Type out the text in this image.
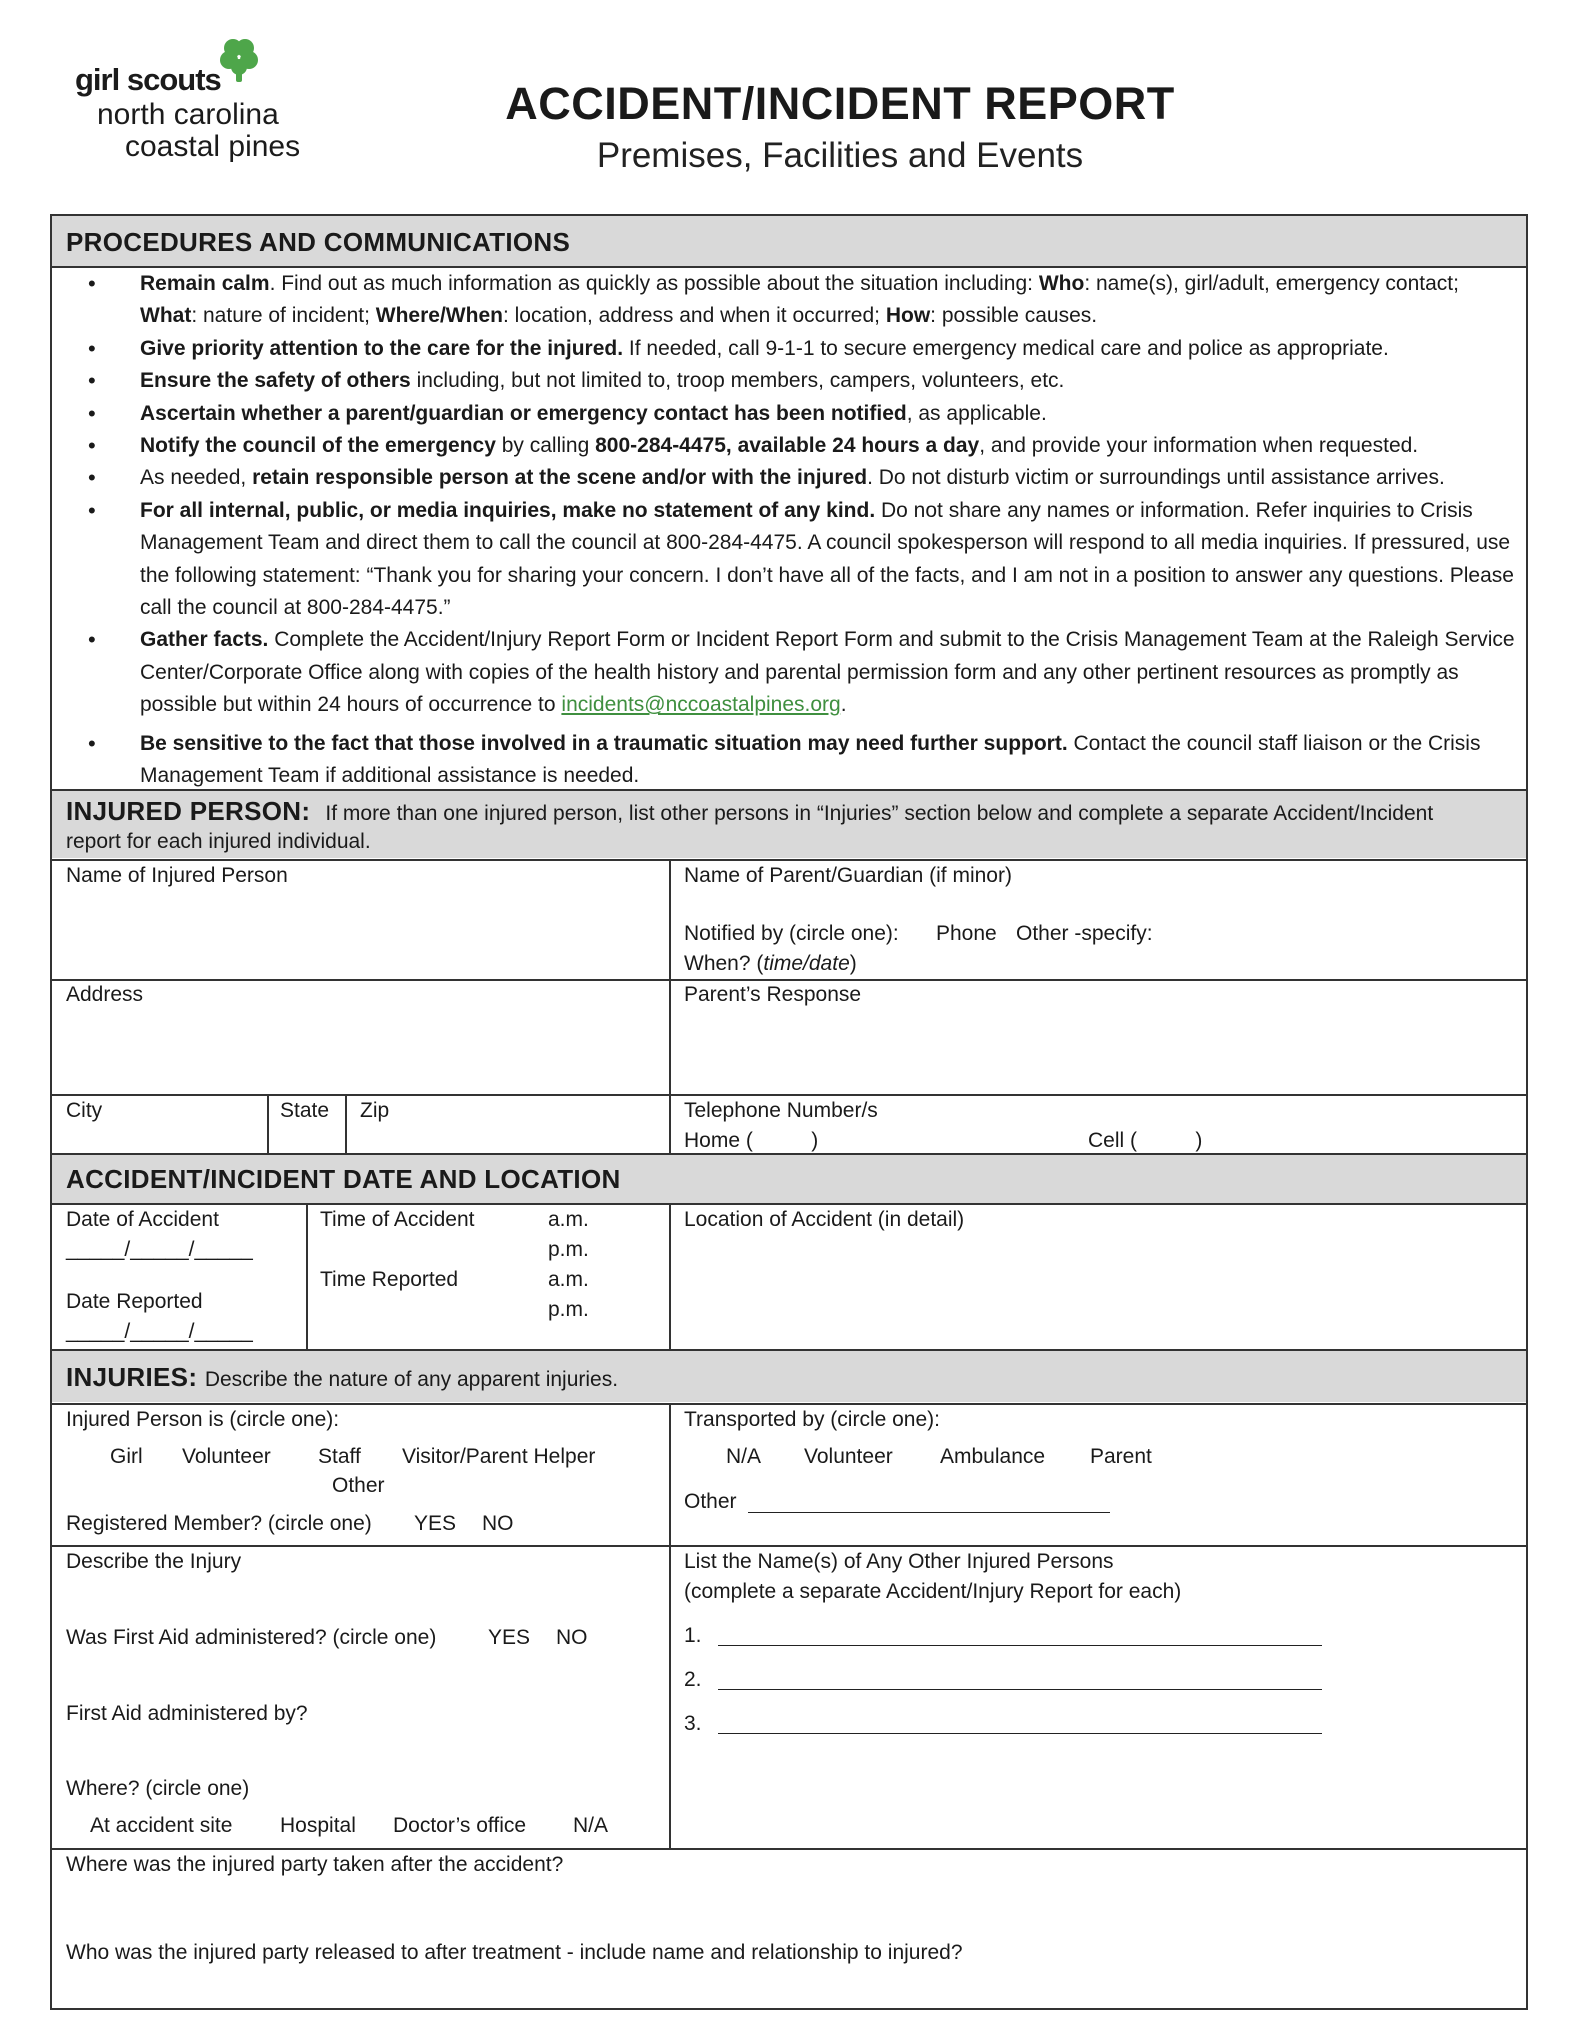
girl scouts
north carolina
coastal pines
ACCIDENT/INCIDENT REPORT
Premises, Facilities and Events
PROCEDURES AND COMMUNICATIONS
• Remain calm. Find out as much information as quickly as possible about the situation including: Who: name(s), girl/adult, emergency contact; What: nature of incident; Where/When: location, address and when it occurred; How: possible causes.
• Give priority attention to the care for the injured. If needed, call 9-1-1 to secure emergency medical care and police as appropriate.
• Ensure the safety of others including, but not limited to, troop members, campers, volunteers, etc.
• Ascertain whether a parent/guardian or emergency contact has been notified, as applicable.
• Notify the council of the emergency by calling 800-284-4475, available 24 hours a day, and provide your information when requested.
• As needed, retain responsible person at the scene and/or with the injured. Do not disturb victim or surroundings until assistance arrives.
• For all internal, public, or media inquiries, make no statement of any kind. Do not share any names or information. Refer inquiries to Crisis Management Team and direct them to call the council at 800-284-4475. A council spokesperson will respond to all media inquiries. If pressured, use the following statement: “Thank you for sharing your concern. I don’t have all of the facts, and I am not in a position to answer any questions. Please call the council at 800-284-4475.”
• Gather facts. Complete the Accident/Injury Report Form or Incident Report Form and submit to the Crisis Management Team at the Raleigh Service Center/Corporate Office along with copies of the health history and parental permission form and any other pertinent resources as promptly as possible but within 24 hours of occurrence to incidents@nccoastalpines.org.
• Be sensitive to the fact that those involved in a traumatic situation may need further support. Contact the council staff liaison or the Crisis Management Team if additional assistance is needed.
INJURED PERSON: If more than one injured person, list other persons in “Injuries” section below and complete a separate Accident/Incident
report for each injured individual.
Name of Injured Person	Name of Parent/Guardian (if minor)
Notified by (circle one): Phone Other -specify:
When? (time/date)
Address	Parent’s Response
City	State Zip	Telephone Number/s
Home (          )	Cell (          )
ACCIDENT/INCIDENT DATE AND LOCATION
Date of Accident
_____/_____/_____
Date Reported
_____/_____/_____
Time of Accident	a.m.
p.m.
Time Reported	a.m.
p.m.
Location of Accident (in detail)
INJURIES: Describe the nature of any apparent injuries.
Injured Person is (circle one):
Girl Volunteer Staff Visitor/Parent Helper
Other
Registered Member? (circle one) YES NO
Transported by (circle one):
N/A Volunteer Ambulance Parent
Other
Describe the Injury
Was First Aid administered? (circle one) YES NO
First Aid administered by?
Where? (circle one)
At accident site Hospital Doctor’s office N/A
List the Name(s) of Any Other Injured Persons
(complete a separate Accident/Injury Report for each)
1.
2.
3.
Where was the injured party taken after the accident?
Who was the injured party released to after treatment - include name and relationship to injured?
